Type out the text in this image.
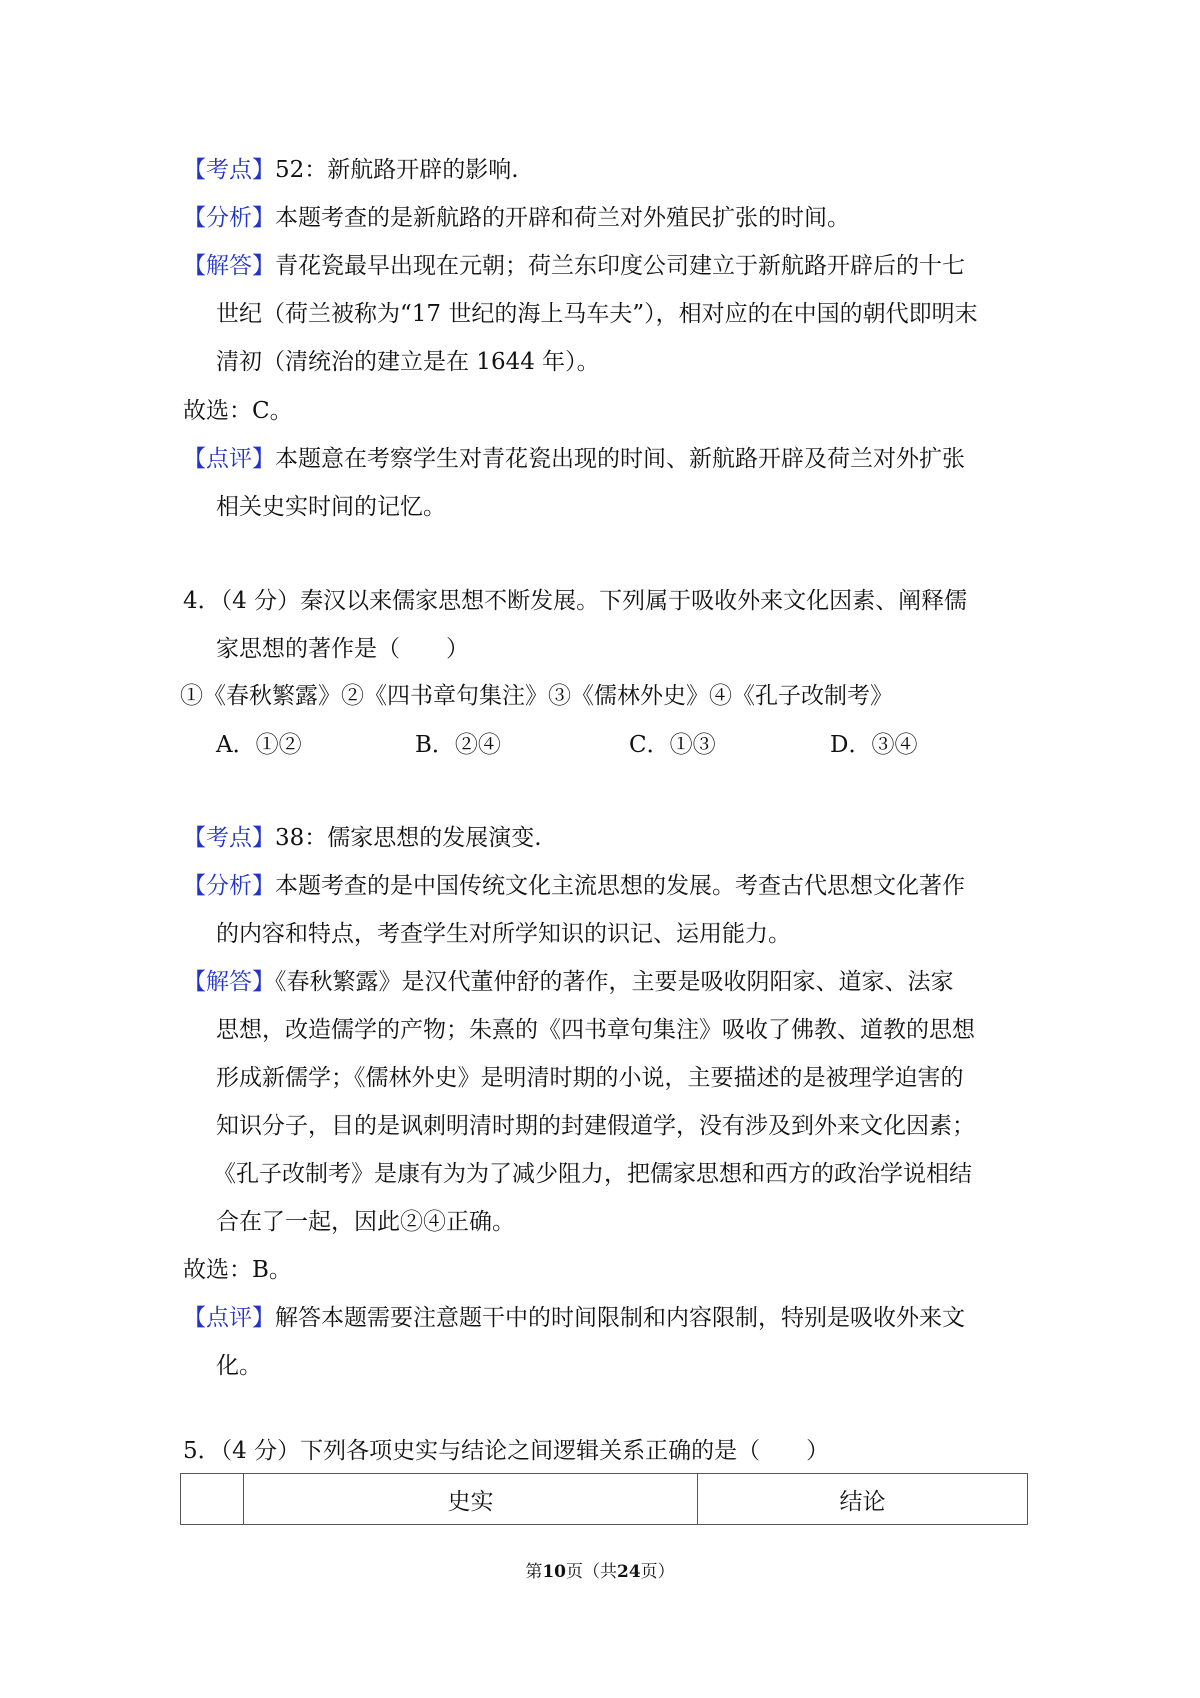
【考点】52：新航路开辟的影响.
【分析】本题考查的是新航路的开辟和荷兰对外殖民扩张的时间。
【解答】青花瓷最早出现在元朝；荷兰东印度公司建立于新航路开辟后的十七
世纪（荷兰被称为“17 世纪的海上马车夫”），相对应的在中国的朝代即明末
清初（清统治的建立是在 1644 年）。
故选：C。
【点评】本题意在考察学生对青花瓷出现的时间、新航路开辟及荷兰对外扩张
相关史实时间的记忆。
4．（4 分）秦汉以来儒家思想不断发展。下列属于吸收外来文化因素、阐释儒
家思想的著作是（　　）
①《春秋繁露》②《四书章句集注》③《儒林外史》④《孔子改制考》
A．①②	B．②④	C．①③	D．③④
【考点】38：儒家思想的发展演变.
【分析】本题考查的是中国传统文化主流思想的发展。考查古代思想文化著作
的内容和特点，考查学生对所学知识的识记、运用能力。
【解答】《春秋繁露》是汉代董仲舒的著作，主要是吸收阴阳家、道家、法家
思想，改造儒学的产物；朱熹的《四书章句集注》吸收了佛教、道教的思想
形成新儒学；《儒林外史》是明清时期的小说，主要描述的是被理学迫害的
知识分子，目的是讽刺明清时期的封建假道学，没有涉及到外来文化因素；
《孔子改制考》是康有为为了减少阻力，把儒家思想和西方的政治学说相结
合在了一起，因此②④正确。
故选：B。
【点评】解答本题需要注意题干中的时间限制和内容限制，特别是吸收外来文
化。
5．（4 分）下列各项史实与结论之间逻辑关系正确的是（　　）
	史实	结论
第10页（共24页）
